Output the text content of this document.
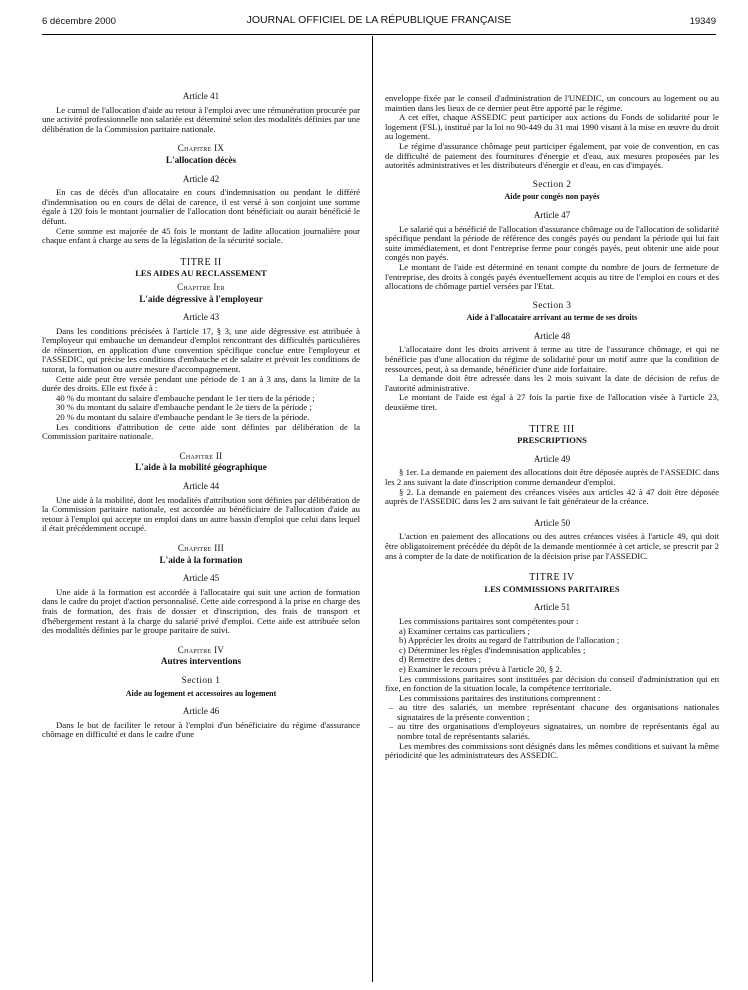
6 décembre 2000	JOURNAL OFFICIEL DE LA RÉPUBLIQUE FRANÇAISE	19349
Article 41

Le cumul de l'allocation d'aide au retour à l'emploi avec une rémunération procurée par une activité professionnelle non salariée est déterminé selon des modalités définies par une délibération de la Commission paritaire nationale.

Chapitre IX
L'allocation décès
Article 42

En cas de décès d'un allocataire en cours d'indemnisation ou pendant le différé d'indemnisation ou en cours de délai de carence, il est versé à son conjoint une somme égale à 120 fois le montant journalier de l'allocation dont bénéficiait ou aurait bénéficié le défunt.

Cette somme est majorée de 45 fois le montant de ladite allocation journalière pour chaque enfant à charge au sens de la législation de la sécurité sociale.

TITRE II
LES AIDES AU RECLASSEMENT
Chapitre Ier
L'aide dégressive à l'employeur
Article 43

Dans les conditions précisées à l'article 17, § 3, une aide dégressive est attribuée à l'employeur qui embauche un demandeur d'emploi rencontrant des difficultés particulières de réinsertion, en application d'une convention spécifique conclue entre l'employeur et l'ASSEDIC, qui précise les conditions d'embauche et de salaire et prévoit les conditions de tutorat, la formation ou autre mesure d'accompagnement.

Cette aide peut être versée pendant une période de 1 an à 3 ans, dans la limite de la durée des droits. Elle est fixée à :

40 % du montant du salaire d'embauche pendant le 1er tiers de la période ;

30 % du montant du salaire d'embauche pendant le 2e tiers de la période ;

20 % du montant du salaire d'embauche pendant le 3e tiers de la période.

Les conditions d'attribution de cette aide sont définies par délibération de la Commission paritaire nationale.

Chapitre II
L'aide à la mobilité géographique
Article 44

Une aide à la mobilité, dont les modalités d'attribution sont définies par délibération de la Commission paritaire nationale, est accordée au bénéficiaire de l'allocation d'aide au retour à l'emploi qui accepte un emploi dans un autre bassin d'emploi que celui dans lequel il était précédemment occupé.

Chapitre III
L'aide à la formation
Article 45

Une aide à la formation est accordée à l'allocataire qui suit une action de formation dans le cadre du projet d'action personnalisé. Cette aide correspond à la prise en charge des frais de formation, des frais de dossier et d'inscription, des frais de transport et d'hébergement restant à la charge du salarié privé d'emploi. Cette aide est attribuée selon des modalités définies par le groupe paritaire de suivi.

Chapitre IV
Autres interventions
Section 1
Aide au logement et accessoires au logement
Article 46

Dans le but de faciliter le retour à l'emploi d'un bénéficiaire du régime d'assurance chômage en difficulté et dans le cadre d'une

enveloppe fixée par le conseil d'administration de l'UNEDIC, un concours au logement ou au maintien dans les lieux de ce dernier peut être apporté par le régime.

A cet effet, chaque ASSEDIC peut participer aux actions du Fonds de solidarité pour le logement (FSL), institué par la loi no 90-449 du 31 mai 1990 visant à la mise en œuvre du droit au logement.

Le régime d'assurance chômage peut participer également, par voie de convention, en cas de difficulté de paiement des fournitures d'énergie et d'eau, aux mesures proposées par les autorités administratives et les distributeurs d'énergie et d'eau, en cas d'impayés.

Section 2
Aide pour congés non payés
Article 47

Le salarié qui a bénéficié de l'allocation d'assurance chômage ou de l'allocation de solidarité spécifique pendant la période de référence des congés payés ou pendant la période qui lui fait suite immédiatement, et dont l'entreprise ferme pour congés payés, peut obtenir une aide pour congés non payés.

Le montant de l'aide est déterminé en tenant compte du nombre de jours de fermeture de l'entreprise, des droits à congés payés éventuellement acquis au titre de l'emploi en cours et des allocations de chômage partiel versées par l'Etat.

Section 3
Aide à l'allocataire arrivant au terme de ses droits
Article 48

L'allocataire dont les droits arrivent à terme au titre de l'assurance chômage, et qui ne bénéficie pas d'une allocation du régime de solidarité pour un motif autre que la condition de ressources, peut, à sa demande, bénéficier d'une aide forfaitaire.

La demande doit être adressée dans les 2 mois suivant la date de décision de refus de l'autorité administrative.

Le montant de l'aide est égal à 27 fois la partie fixe de l'allocation visée à l'article 23, deuxième tiret.

TITRE III
PRESCRIPTIONS
Article 49

§ 1er. La demande en paiement des allocations doit être déposée auprès de l'ASSEDIC dans les 2 ans suivant la date d'inscription comme demandeur d'emploi.

§ 2. La demande en paiement des créances visées aux articles 42 à 47 doit être déposée auprès de l'ASSEDIC dans les 2 ans suivant le fait générateur de la créance.

Article 50

L'action en paiement des allocations ou des autres créances visées à l'article 49, qui doit être obligatoirement précédée du dépôt de la demande mentionnée à cet article, se prescrit par 2 ans à compter de la date de notification de la décision prise par l'ASSEDIC.

TITRE IV
LES COMMISSIONS PARITAIRES
Article 51

Les commissions paritaires sont compétentes pour :

a) Examiner certains cas particuliers ;

b) Apprécier les droits au regard de l'attribution de l'allocation ;

c) Déterminer les règles d'indemnisation applicables ;

d) Remettre des dettes ;

e) Examiner le recours prévu à l'article 20, § 2.

Les commissions paritaires sont instituées par décision du conseil d'administration qui en fixe, en fonction de la situation locale, la compétence territoriale.

Les commissions paritaires des institutions comprennent :

– au titre des salariés, un membre représentant chacune des organisations nationales signataires de la présente convention ;

– au titre des organisations d'employeurs signataires, un nombre de représentants égal au nombre total de représentants salariés.

Les membres des commissions sont désignés dans les mêmes conditions et suivant la même périodicité que les administrateurs des ASSEDIC.
